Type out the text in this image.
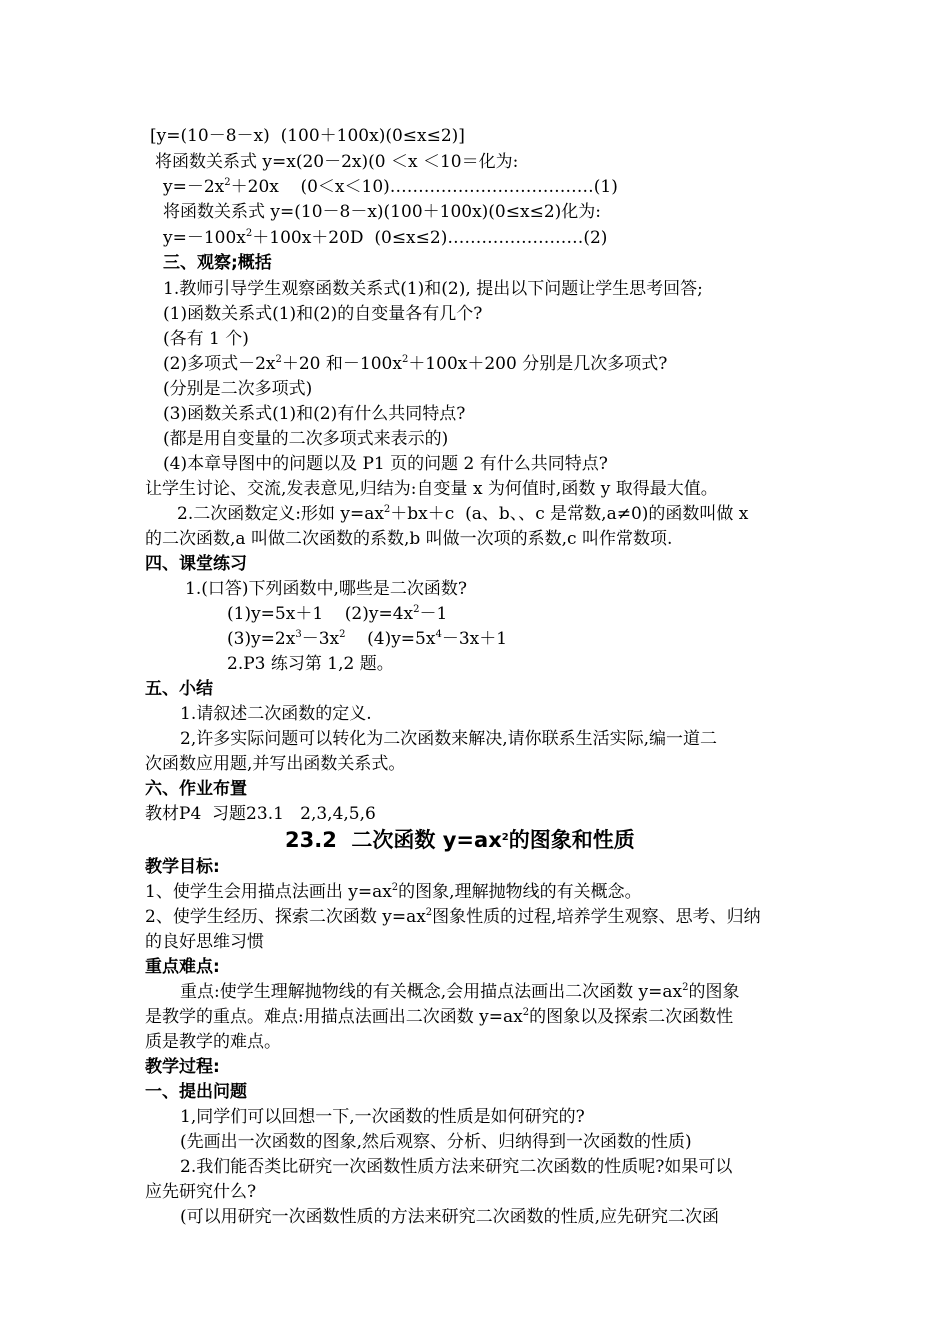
[y=(10－8－x)  (100＋100x)(0≤x≤2)]
将函数关系式 y=x(20－2x)(0 ＜x ＜10＝化为:
$y=-2x^2+20x$    (0＜x＜10)………………………………(1)
将函数关系式 y=(10－8－x)(100＋100x)(0≤x≤2)化为:
$y=-100x^2+100x+20D$  (0≤x≤2)……………………(2)
三、观察;概括
1.教师引导学生观察函数关系式(1)和(2), 提出以下问题让学生思考回答;
(1)函数关系式(1)和(2)的自变量各有几个?
(各有 1 个)
(2)多项式$-2x^2+20$ 和$-100x^2+100x+200$ 分别是几次多项式?
(分别是二次多项式)
(3)函数关系式(1)和(2)有什么共同特点?
(都是用自变量的二次多项式来表示的)
(4)本章导图中的问题以及 P1 页的问题 2 有什么共同特点?
让学生讨论、交流,发表意见,归结为:自变量 x 为何值时,函数 y 取得最大值。
2.二次函数定义:形如 $y=ax^2+bx+c$  (a、b、、c 是常数,a≠0)的函数叫做 x
的二次函数,a 叫做二次函数的系数,b 叫做一次项的系数,c 叫作常数项.
四、课堂练习
1.(口答)下列函数中,哪些是二次函数?
(1)y=5x＋1    $(2)y=4x^2-1$
$(3)y=2x^3-3x^2$    $(4)y=5x^4-3x+1$
2.P3 练习第 1,2 题。
五、小结
1.请叙述二次函数的定义.
2,许多实际问题可以转化为二次函数来解决,请你联系生活实际,编一道二
次函数应用题,并写出函数关系式。
六、作业布置
教材P4  习题23.1   2,3,4,5,6
23.2  二次函数 $y=ax^2$的图象和性质
教学目标:
1、使学生会用描点法画出 $y=ax^2$的图象,理解抛物线的有关概念。
2、使学生经历、探索二次函数 $y=ax^2$图象性质的过程,培养学生观察、思考、归纳
的良好思维习惯
重点难点:
重点:使学生理解抛物线的有关概念,会用描点法画出二次函数 $y=ax^2$的图象
是教学的重点。难点:用描点法画出二次函数 $y=ax^2$的图象以及探索二次函数性
质是教学的难点。
教学过程:
一、提出问题
1,同学们可以回想一下,一次函数的性质是如何研究的?
(先画出一次函数的图象,然后观察、分析、归纳得到一次函数的性质)
2.我们能否类比研究一次函数性质方法来研究二次函数的性质呢?如果可以
应先研究什么?
(可以用研究一次函数性质的方法来研究二次函数的性质,应先研究二次函
